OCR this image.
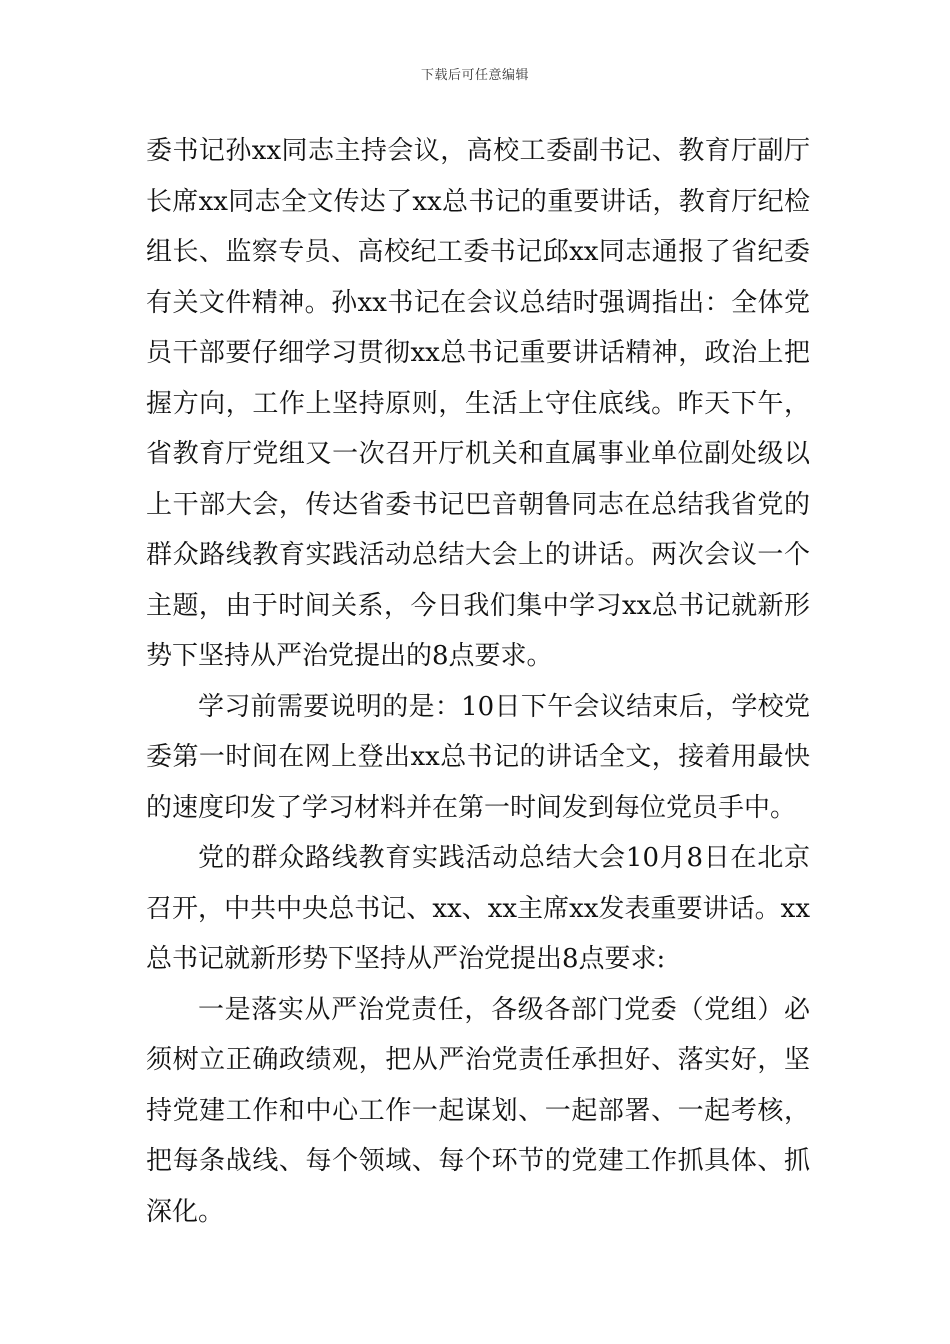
下载后可任意编辑

委书记孙xx同志主持会议，高校工委副书记、教育厅副厅长席xx同志全文传达了xx总书记的重要讲话，教育厅纪检组长、监察专员、高校纪工委书记邱xx同志通报了省纪委有关文件精神。孙xx书记在会议总结时强调指出：全体党员干部要仔细学习贯彻xx总书记重要讲话精神，政治上把握方向，工作上坚持原则，生活上守住底线。昨天下午，省教育厅党组又一次召开厅机关和直属事业单位副处级以上干部大会，传达省委书记巴音朝鲁同志在总结我省党的群众路线教育实践活动总结大会上的讲话。两次会议一个主题，由于时间关系，今日我们集中学习xx总书记就新形势下坚持从严治党提出的8点要求。

学习前需要说明的是：10日下午会议结束后，学校党委第一时间在网上登出xx总书记的讲话全文，接着用最快的速度印发了学习材料并在第一时间发到每位党员手中。

党的群众路线教育实践活动总结大会10月8日在北京召开，中共中央总书记、xx、xx主席xx发表重要讲话。xx总书记就新形势下坚持从严治党提出8点要求:

一是落实从严治党责任，各级各部门党委（党组）必须树立正确政绩观，把从严治党责任承担好、落实好，坚持党建工作和中心工作一起谋划、一起部署、一起考核，把每条战线、每个领域、每个环节的党建工作抓具体、抓深化。
